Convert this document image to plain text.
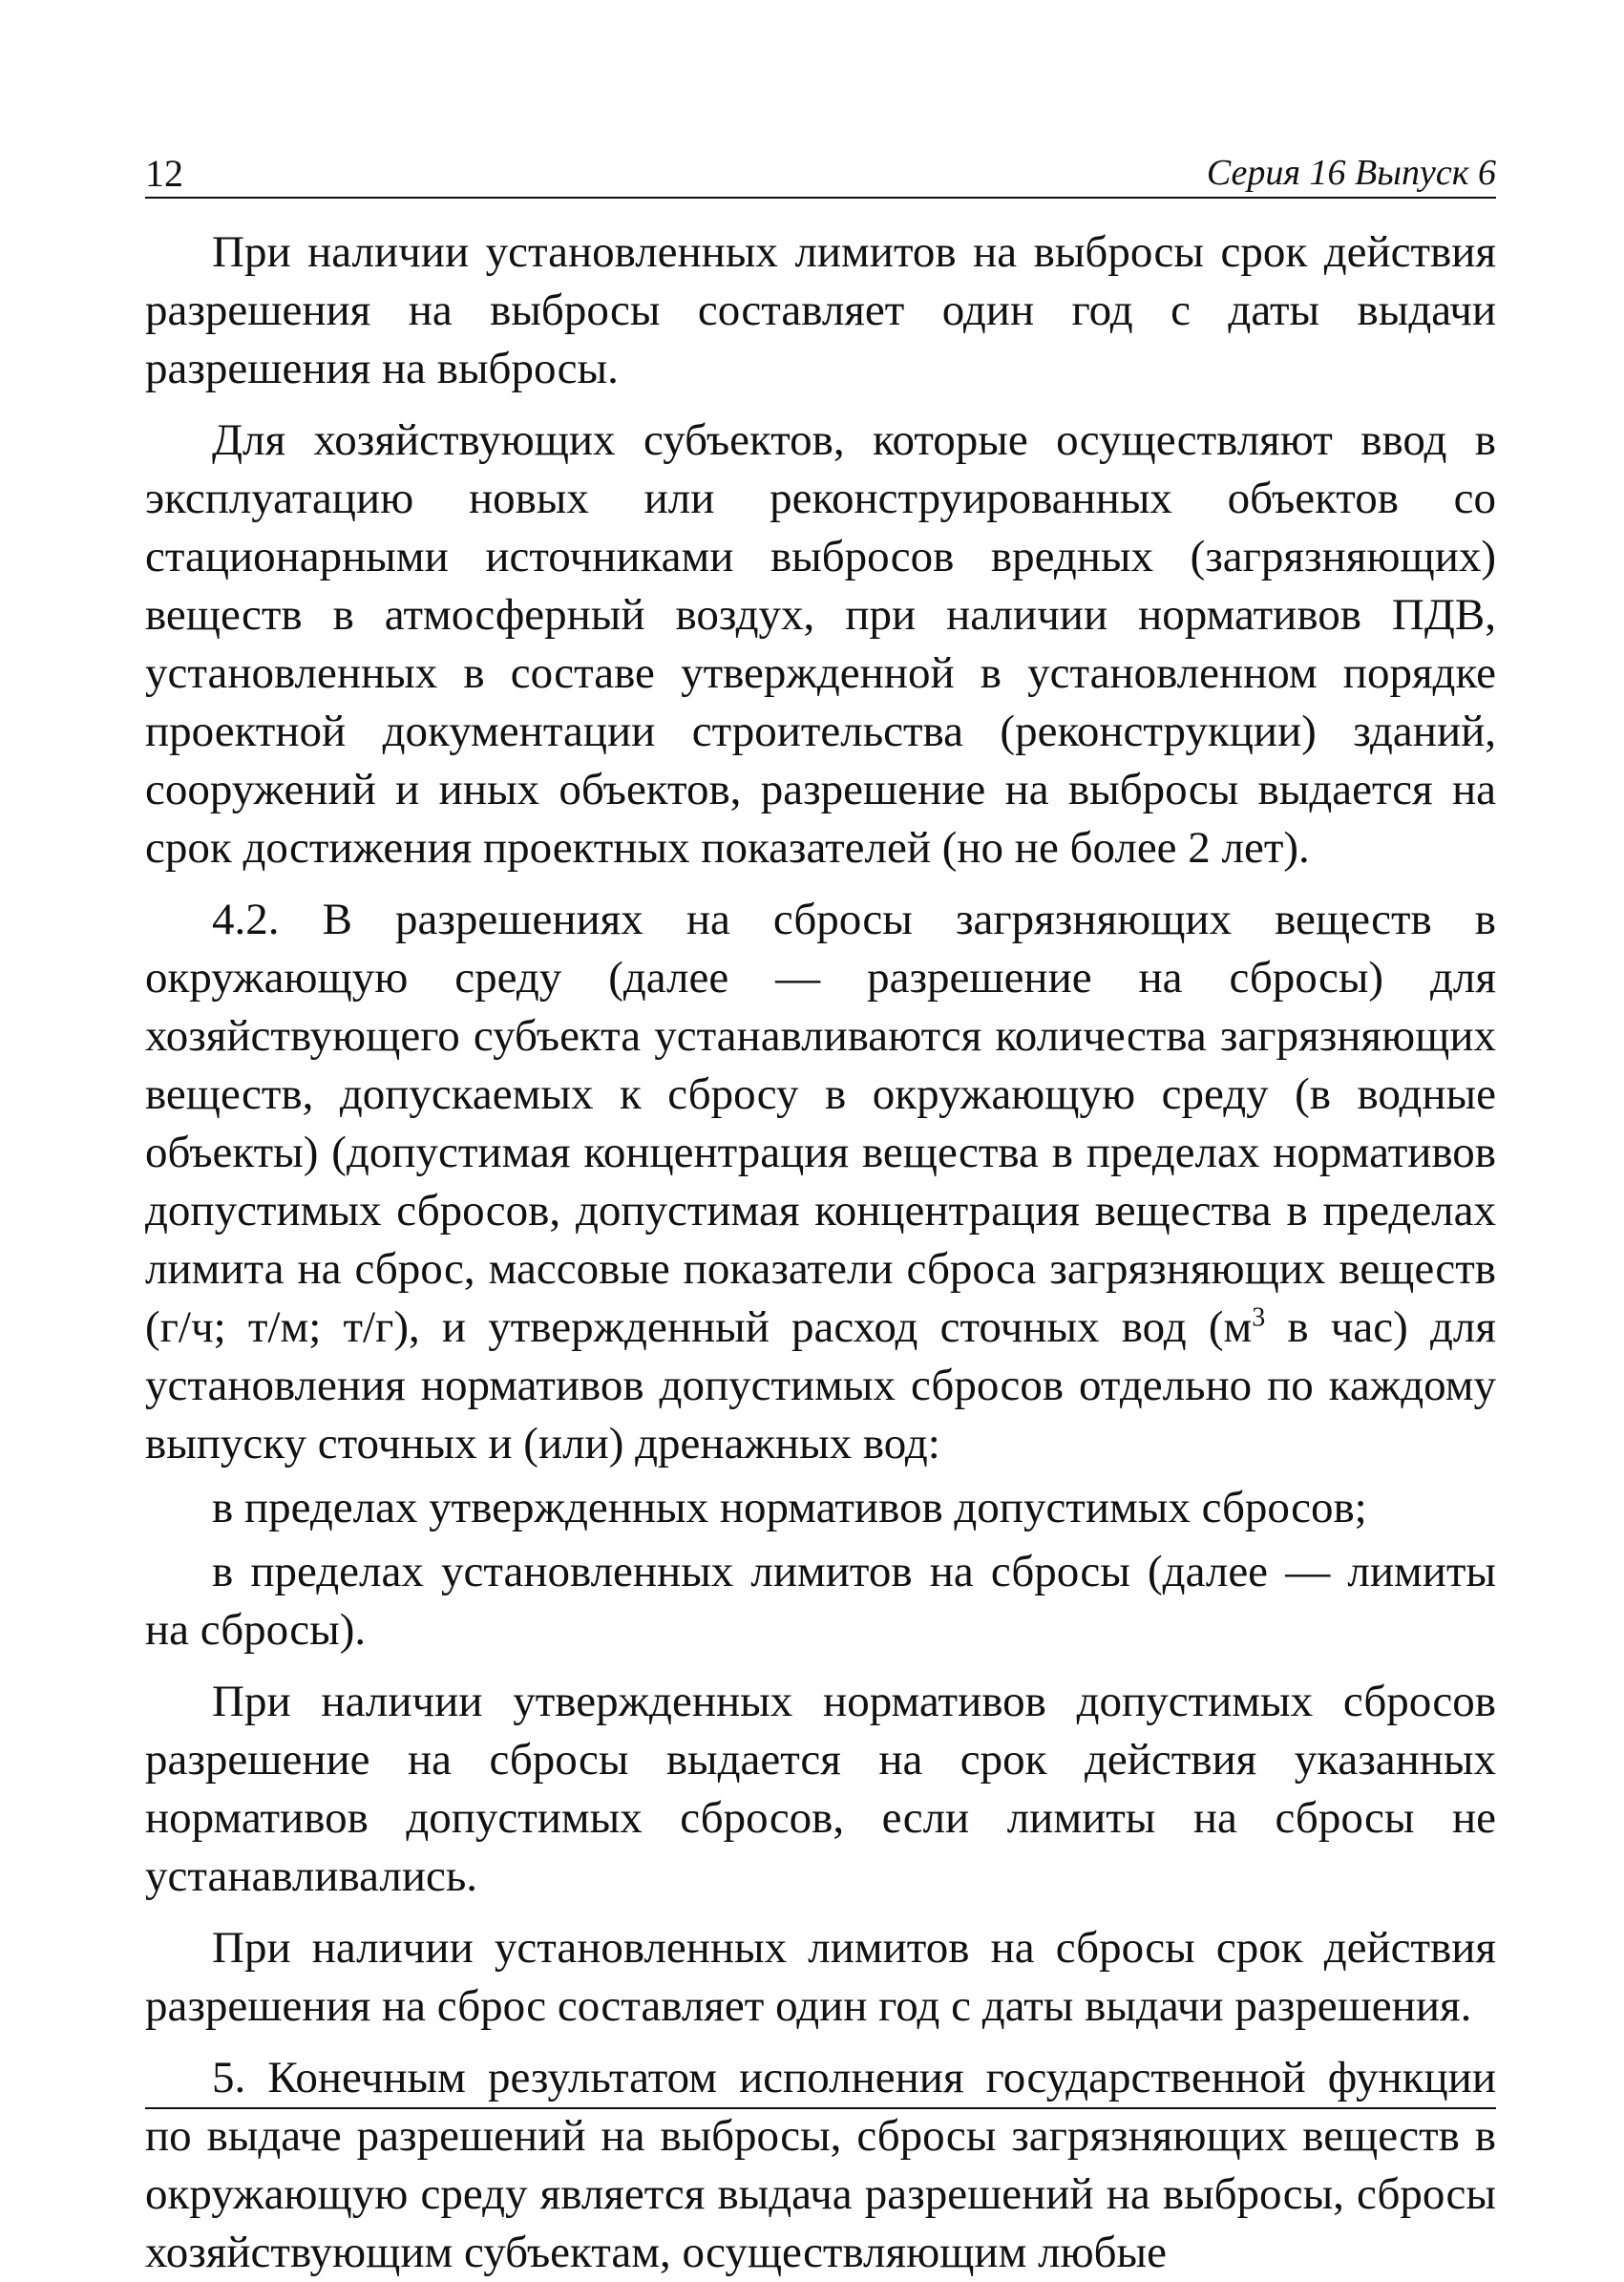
12	Серия 16 Выпуск 6

При наличии установленных лимитов на выбросы срок действия разрешения на выбросы составляет один год с даты выдачи разрешения на выбросы.

Для хозяйствующих субъектов, которые осуществляют ввод в эксплуатацию новых или реконструированных объектов со стационарными источниками выбросов вредных (загрязняющих) веществ в атмосферный воздух, при наличии нормативов ПДВ, установленных в составе утвержденной в установленном порядке проектной документации строительства (реконструкции) зданий, сооружений и иных объектов, разрешение на выбросы выдается на срок достижения проектных показателей (но не более 2 лет).

4.2. В разрешениях на сбросы загрязняющих веществ в окружающую среду (далее — разрешение на сбросы) для хозяйствующего субъекта устанавливаются количества загрязняющих веществ, допускаемых к сбросу в окружающую среду (в водные объекты) (допустимая концентрация вещества в пределах нормативов допустимых сбросов, допустимая концентрация вещества в пределах лимита на сброс, массовые показатели сброса загрязняющих веществ (г/ч; т/м; т/г), и утвержденный расход сточных вод ($м^3$ в час) для установления нормативов допустимых сбросов отдельно по каждому выпуску сточных и (или) дренажных вод:

в пределах утвержденных нормативов допустимых сбросов;

в пределах установленных лимитов на сбросы (далее — лимиты на сбросы).

При наличии утвержденных нормативов допустимых сбросов разрешение на сбросы выдается на срок действия указанных нормативов допустимых сбросов, если лимиты на сбросы не устанавливались.

При наличии установленных лимитов на сбросы срок действия разрешения на сброс составляет один год с даты выдачи разрешения.

5. Конечным результатом исполнения государственной функции по выдаче разрешений на выбросы, сбросы загрязняющих веществ в окружающую среду является выдача разрешений на выбросы, сбросы хозяйствующим субъектам, осуществляющим любые
